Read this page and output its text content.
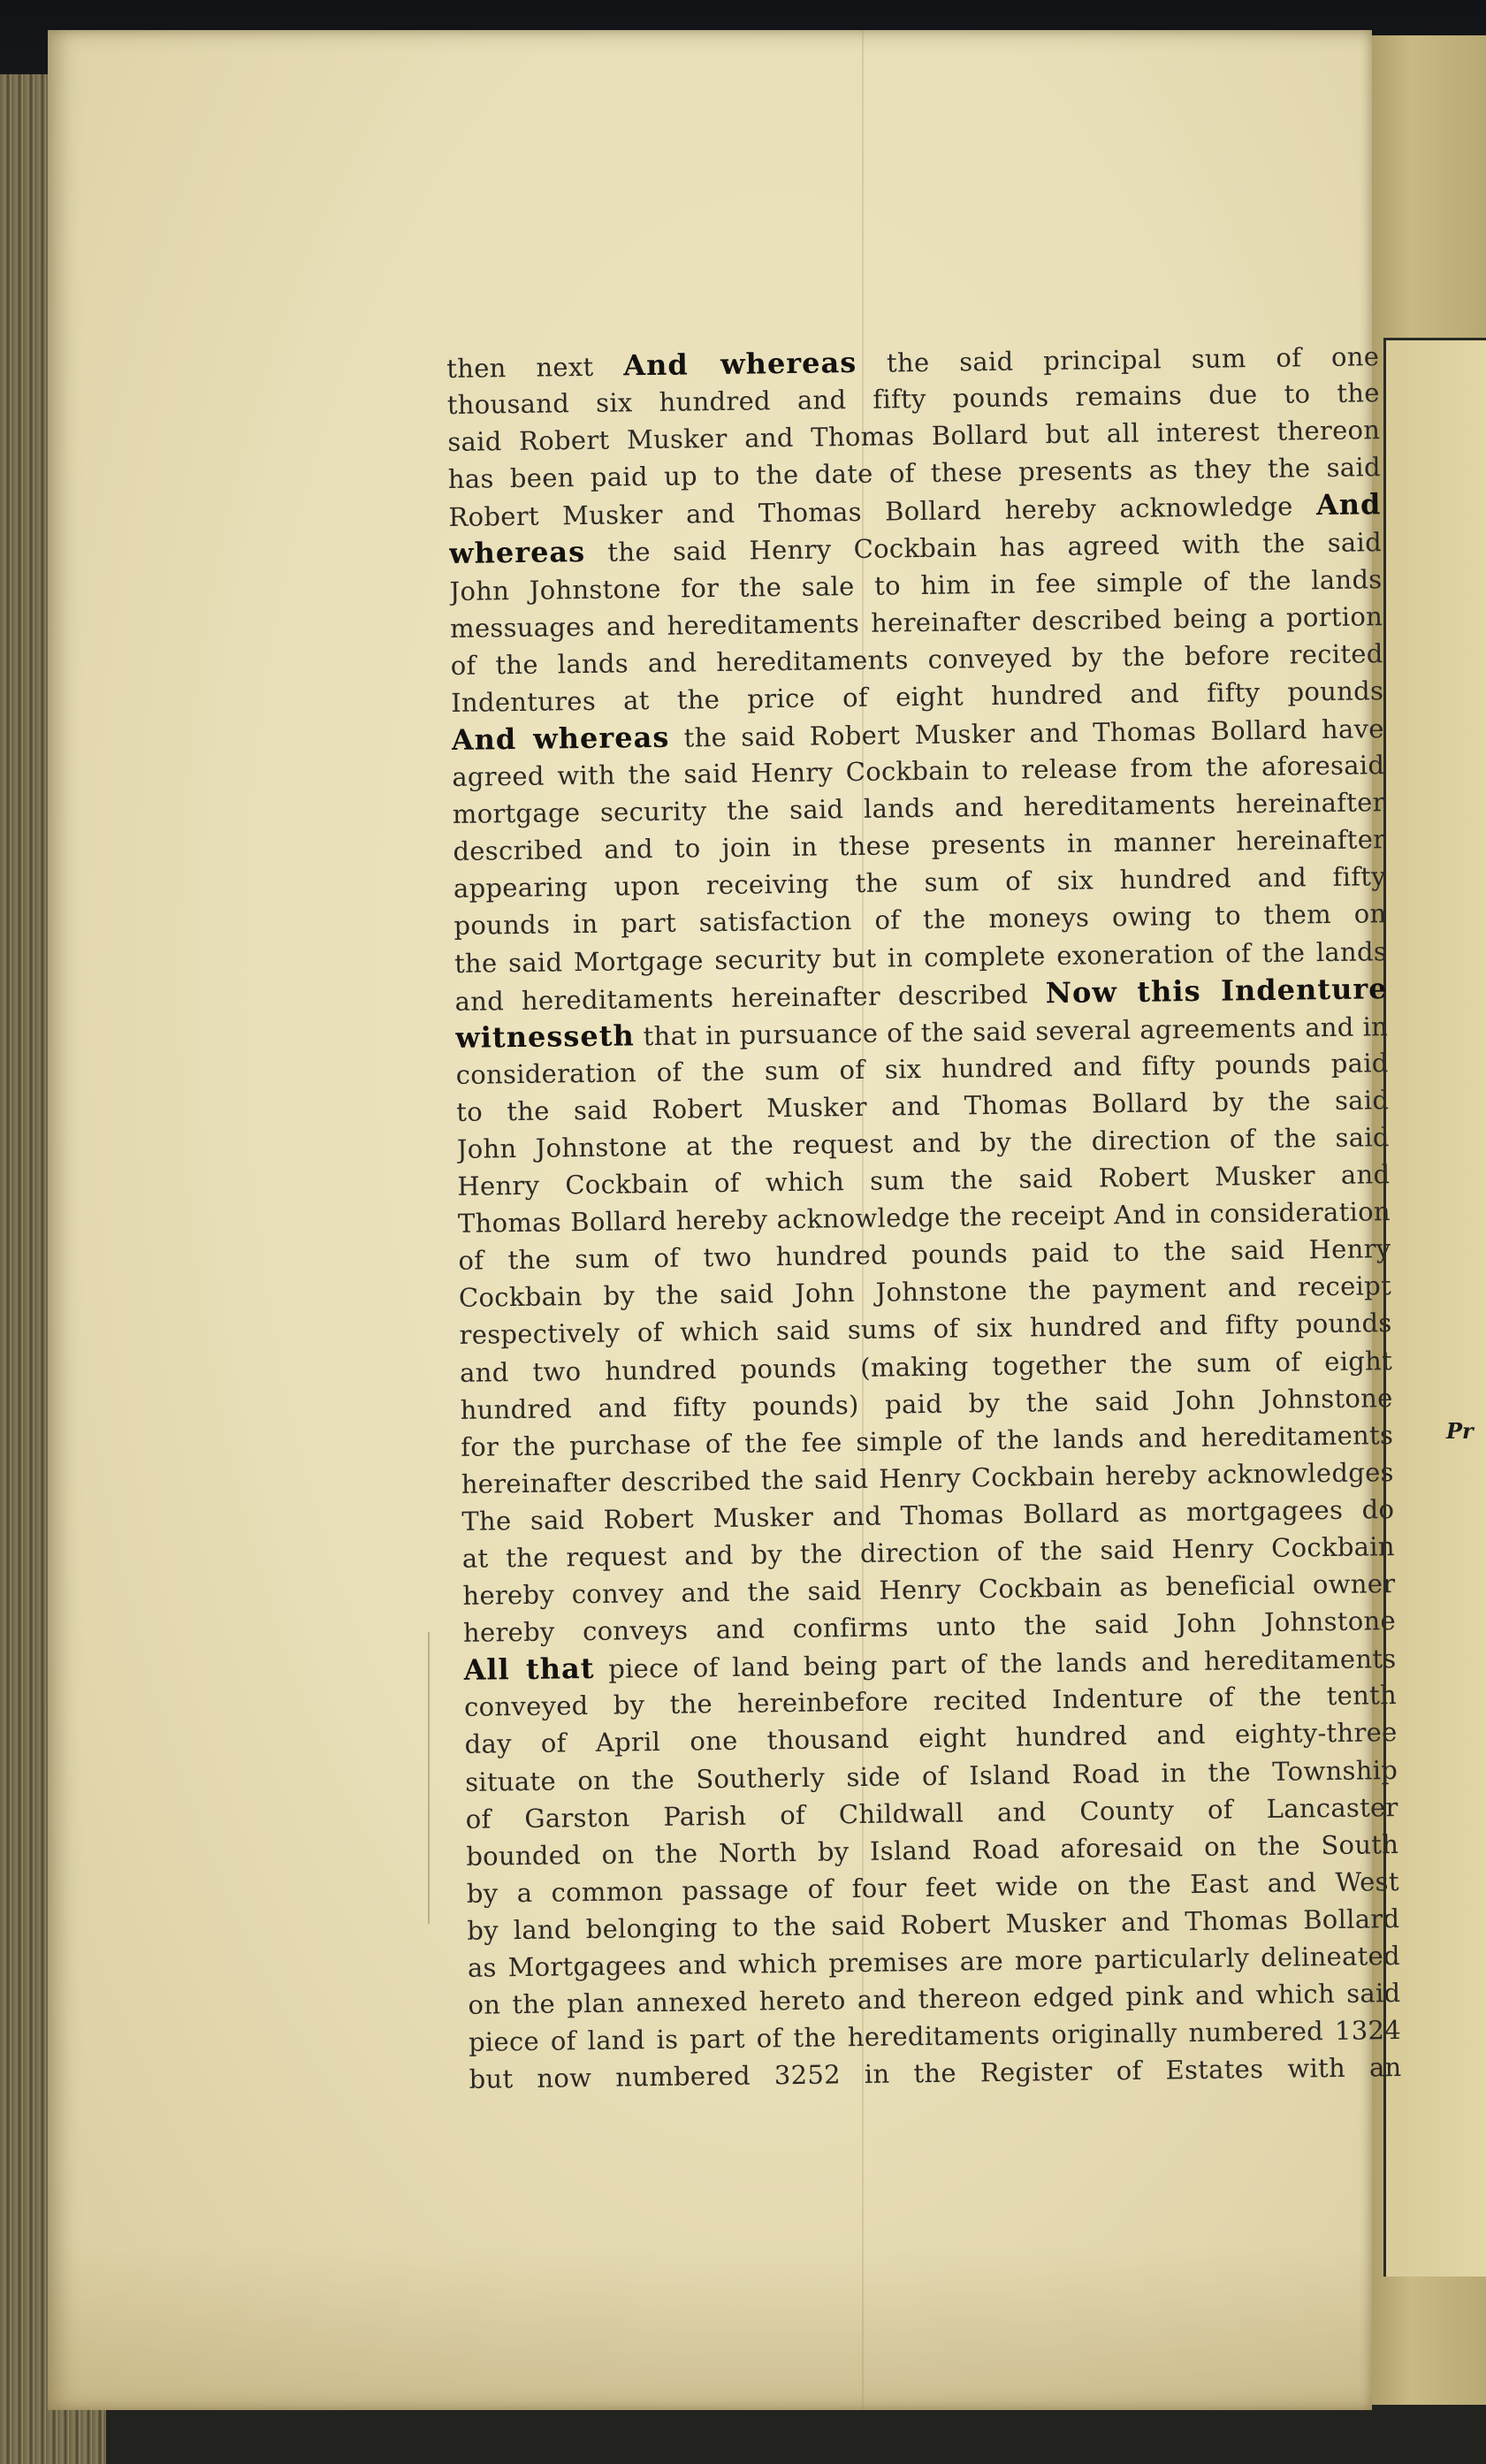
Pr
then next And whereas the said principal sum of one
thousand six hundred and fifty pounds remains due to the
said Robert Musker and Thomas Bollard but all interest thereon
has been paid up to the date of these presents as they the said
Robert Musker and Thomas Bollard hereby acknowledge And
whereas the said Henry Cockbain has agreed with the said
John Johnstone for the sale to him in fee simple of the lands
messuages and hereditaments hereinafter described being a portion
of the lands and hereditaments conveyed by the before recited
Indentures at the price of eight hundred and fifty pounds
And whereas the said Robert Musker and Thomas Bollard have
agreed with the said Henry Cockbain to release from the aforesaid
mortgage security the said lands and hereditaments hereinafter
described and to join in these presents in manner hereinafter
appearing upon receiving the sum of six hundred and fifty
pounds in part satisfaction of the moneys owing to them on
the said Mortgage security but in complete exoneration of the lands
and hereditaments hereinafter described Now this Indenture
witnesseth that in pursuance of the said several agreements and in
consideration of the sum of six hundred and fifty pounds paid
to the said Robert Musker and Thomas Bollard by the said
John Johnstone at the request and by the direction of the said
Henry Cockbain of which sum the said Robert Musker and
Thomas Bollard hereby acknowledge the receipt And in consideration
of the sum of two hundred pounds paid to the said Henry
Cockbain by the said John Johnstone the payment and receipt
respectively of which said sums of six hundred and fifty pounds
and two hundred pounds (making together the sum of eight
hundred and fifty pounds) paid by the said John Johnstone
for the purchase of the fee simple of the lands and hereditaments
hereinafter described the said Henry Cockbain hereby acknowledges
The said Robert Musker and Thomas Bollard as mortgagees do
at the request and by the direction of the said Henry Cockbain
hereby convey and the said Henry Cockbain as beneficial owner
hereby conveys and confirms unto the said John Johnstone
All that piece of land being part of the lands and hereditaments
conveyed by the hereinbefore recited Indenture of the tenth
day of April one thousand eight hundred and eighty-three
situate on the Southerly side of Island Road in the Township
of Garston Parish of Childwall and County of Lancaster
bounded on the North by Island Road aforesaid on the South
by a common passage of four feet wide on the East and West
by land belonging to the said Robert Musker and Thomas Bollard
as Mortgagees and which premises are more particularly delineated
on the plan annexed hereto and thereon edged pink and which said
piece of land is part of the hereditaments originally numbered 1324
but now numbered 3252 in the Register of Estates with an
